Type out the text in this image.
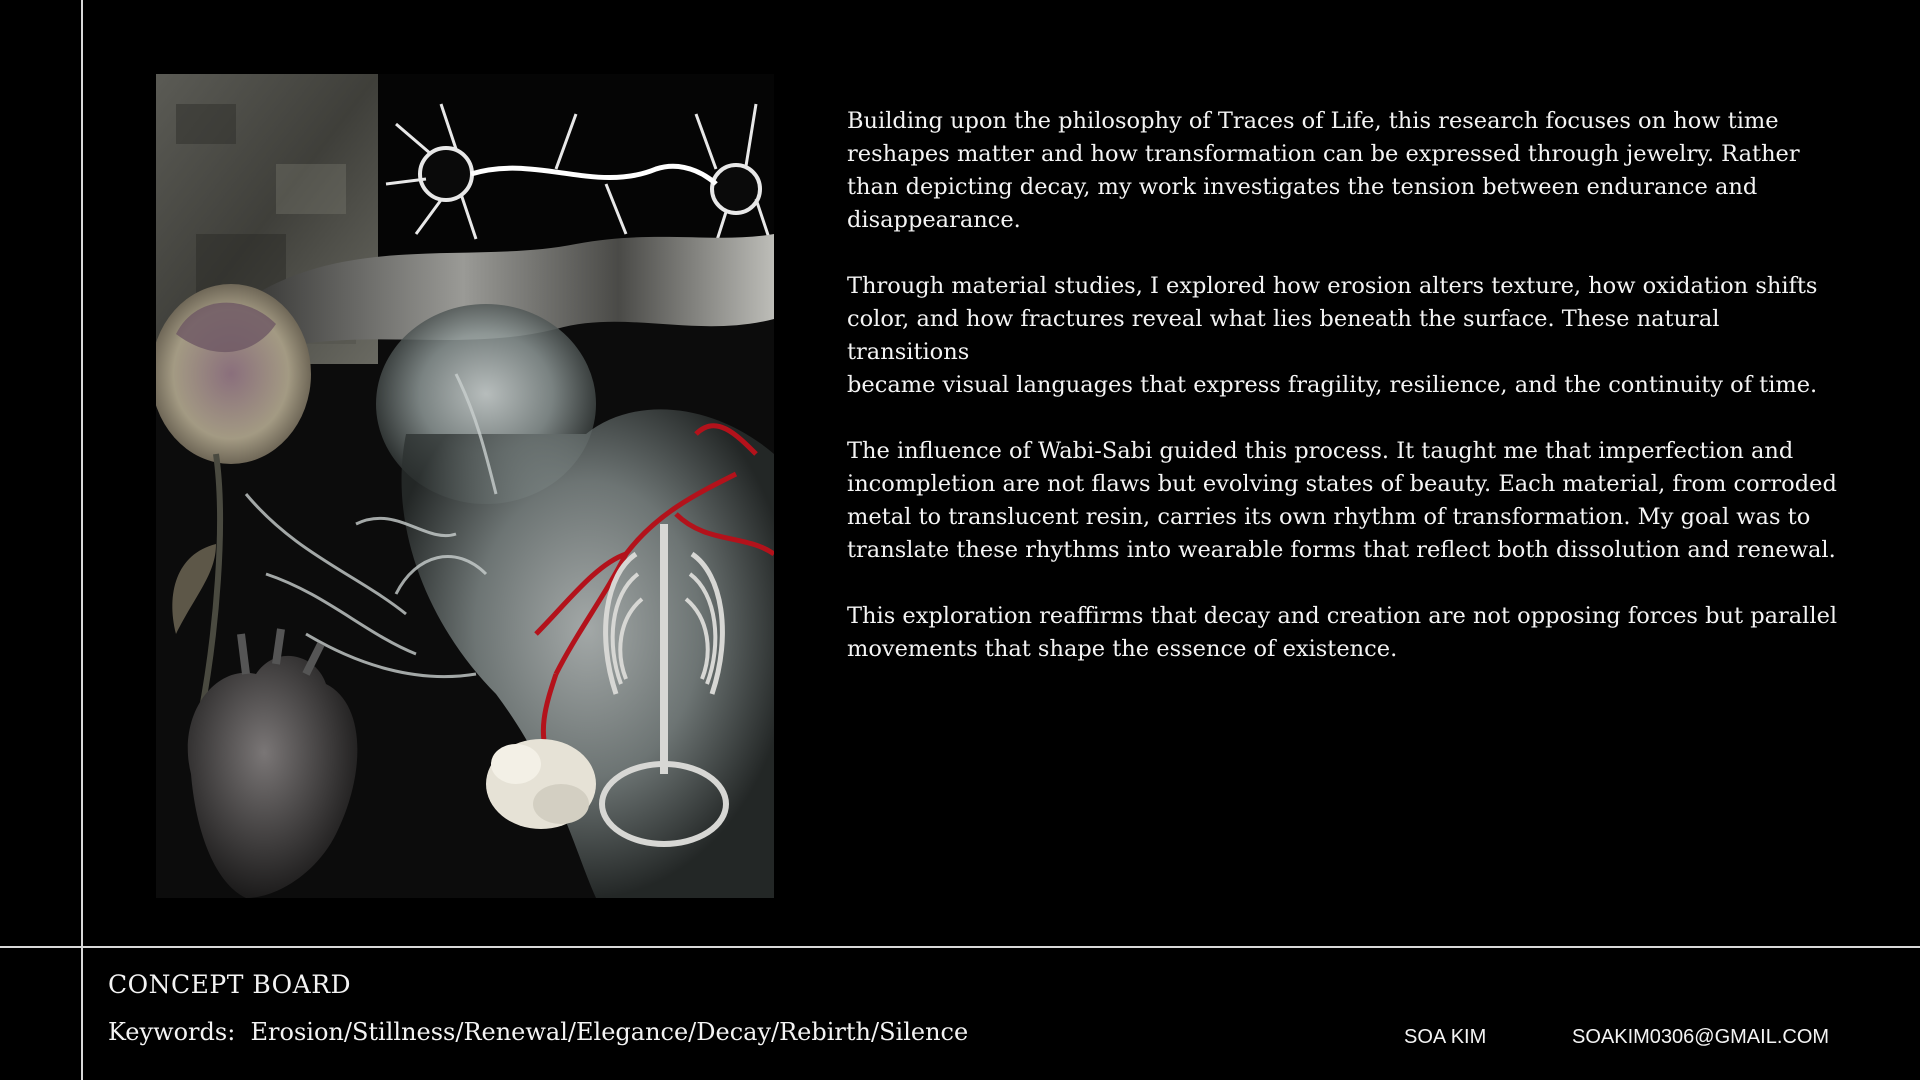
Building upon the philosophy of Traces of Life, this research focuses on how time
reshapes matter and how transformation can be expressed through jewelry. Rather
than depicting decay, my work investigates the tension between endurance and
disappearance.

Through material studies, I explored how erosion alters texture, how oxidation shifts
color, and how fractures reveal what lies beneath the surface. These natural transitions
became visual languages that express fragility, resilience, and the continuity of time.

The influence of Wabi-Sabi guided this process. It taught me that imperfection and
incompletion are not flaws but evolving states of beauty. Each material, from corroded
metal to translucent resin, carries its own rhythm of transformation. My goal was to
translate these rhythms into wearable forms that reflect both dissolution and renewal.

This exploration reaffirms that decay and creation are not opposing forces but parallel
movements that shape the essence of existence.

CONCEPT BOARD
Keywords:  Erosion/Stillness/Renewal/Elegance/Decay/Rebirth/Silence	SOA KIM	SOAKIM0306@GMAIL.COM
